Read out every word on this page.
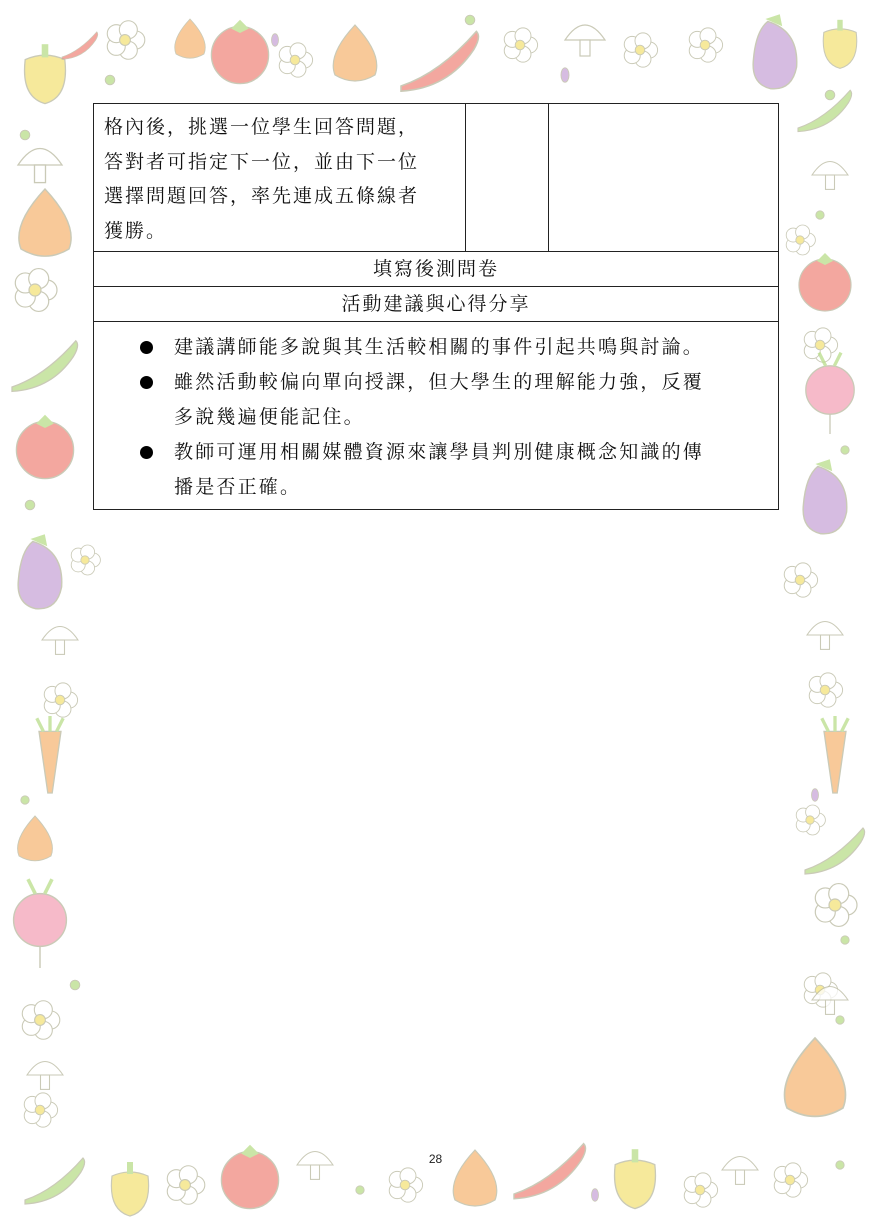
格內後，挑選一位學生回答問題，
答對者可指定下一位，並由下一位
選擇問題回答，率先連成五條線者
獲勝。

填寫後測問卷
活動建議與心得分享

建議講師能多說與其生活較相關的事件引起共鳴與討論。
雖然活動較偏向單向授課，但大學生的理解能力強，反覆
多說幾遍便能記住。
教師可運用相關媒體資源來讓學員判別健康概念知識的傳
播是否正確。
28
